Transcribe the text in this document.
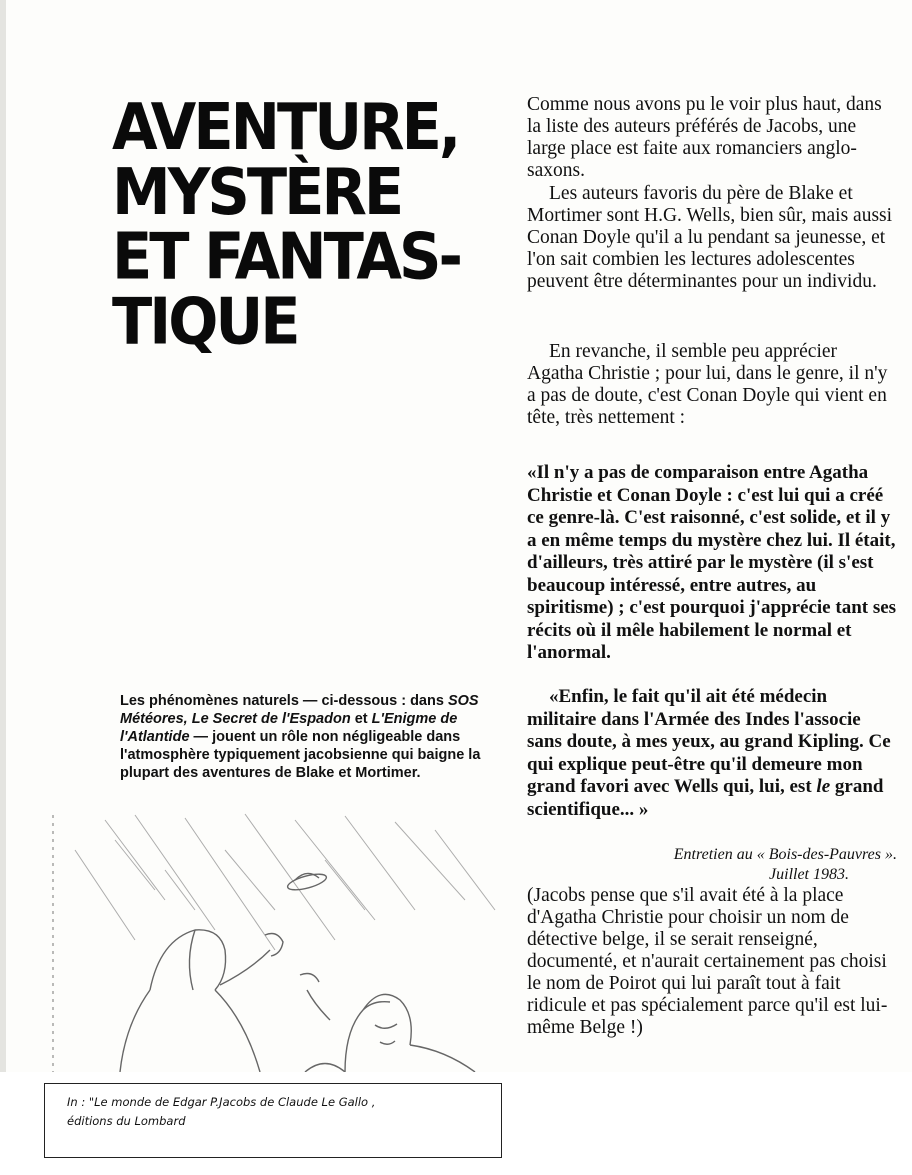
AVENTURE,
MYSTÈRE
ET FANTAS-
TIQUE

Comme nous avons pu le voir plus haut, dans la liste des auteurs préférés de Jacobs, une large place est faite aux romanciers anglo-saxons.

Les auteurs favoris du père de Blake et Mortimer sont H.G. Wells, bien sûr, mais aussi Conan Doyle qu'il a lu pendant sa jeunesse, et l'on sait combien les lectures adolescentes peuvent être déterminantes pour un individu.

En revanche, il semble peu apprécier Agatha Christie ; pour lui, dans le genre, il n'y a pas de doute, c'est Conan Doyle qui vient en tête, très nettement :

«Il n'y a pas de comparaison entre Agatha Christie et Conan Doyle : c'est lui qui a créé ce genre-là. C'est raisonné, c'est solide, et il y a en même temps du mystère chez lui. Il était, d'ailleurs, très attiré par le mystère (il s'est beaucoup intéressé, entre autres, au spiritisme) ; c'est pourquoi j'apprécie tant ses récits où il mêle habilement le normal et l'anormal.

«Enfin, le fait qu'il ait été médecin militaire dans l'Armée des Indes l'associe sans doute, à mes yeux, au grand Kipling. Ce qui explique peut-être qu'il demeure mon grand favori avec Wells qui, lui, est le grand scientifique... »

Entretien au « Bois-des-Pauvres ».
Juillet 1983.

(Jacobs pense que s'il avait été à la place d'Agatha Christie pour choisir un nom de détective belge, il se serait renseigné, documenté, et n'aurait certainement pas choisi le nom de Poirot qui lui paraît tout à fait ridicule et pas spécialement parce qu'il est lui-même Belge !)

Les phénomènes naturels — ci-dessous : dans SOS Météores, Le Secret de l'Espadon et L'Enigme de l'Atlantide — jouent un rôle non négligeable dans l'atmosphère typiquement jacobsienne qui baigne la plupart des aventures de Blake et Mortimer.
In : "Le monde de Edgar P.Jacobs de Claude Le Gallo ,
éditions du Lombard
